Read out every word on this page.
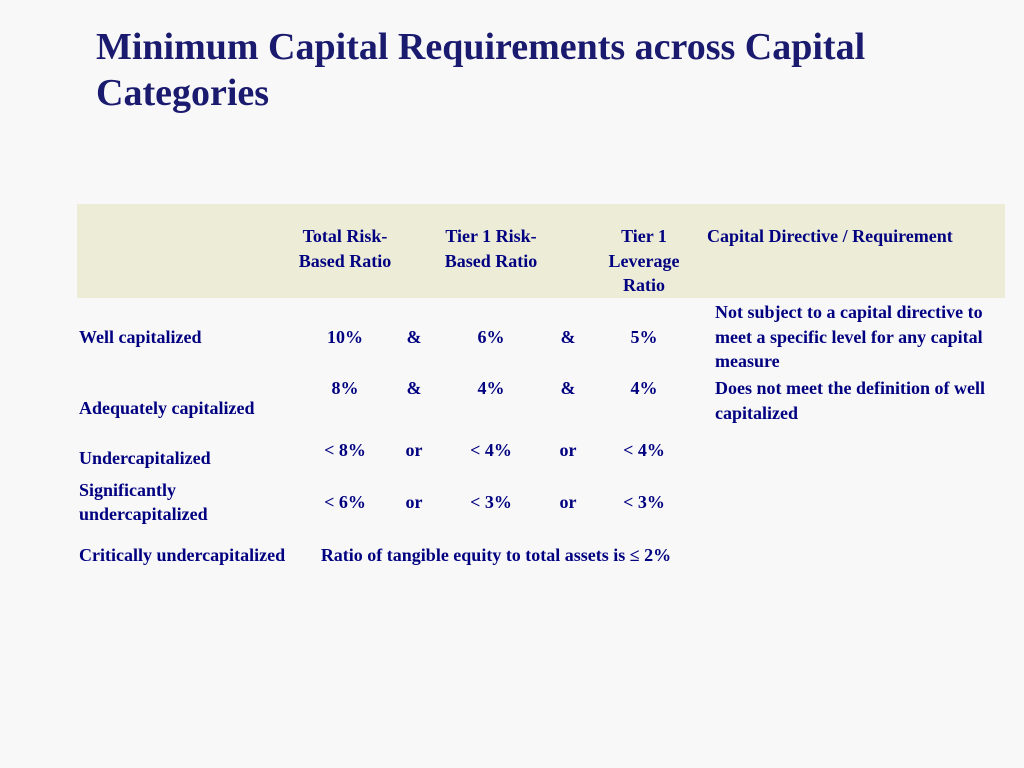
Minimum Capital Requirements across Capital Categories

	Total Risk-Based Ratio		Tier 1 Risk-Based Ratio		Tier 1 Leverage Ratio	Capital Directive / Requirement
Well capitalized	10%	&	6%	&	5%	Not subject to a capital directive to meet a specific level for any capital measure
Adequately capitalized	8%	&	4%	&	4%	Does not meet the definition of well capitalized
Undercapitalized	< 8%	or	< 4%	or	< 4%	
Significantly undercapitalized	< 6%	or	< 3%	or	< 3%	
Critically undercapitalized	Ratio of tangible equity to total assets is ≤ 2%					
